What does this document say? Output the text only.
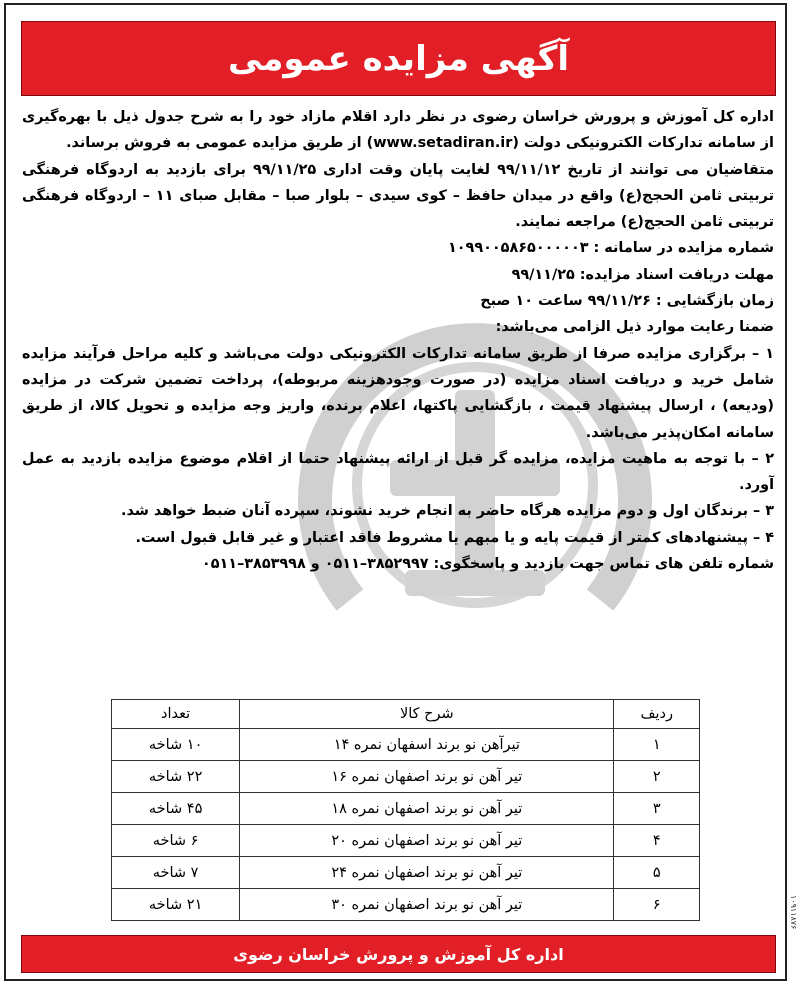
آگهی مزایده عمومی

اداره کل آموزش و پرورش خراسان رضوی در نظر دارد اقلام مازاد خود را به شرح جدول ذیل با بهره‌گیری از سامانه تدارکات الکترونیکی دولت (www.setadiran.ir) از طریق مزایده عمومی به فروش برساند.

متقاضیان می توانند از تاریخ ۹۹/۱۱/۱۲ لغایت پایان وقت اداری ۹۹/۱۱/۲۵ برای بازدید به اردوگاه فرهنگی تربیتی ثامن الحجج(ع) واقع در میدان حافظ – کوی سیدی – بلوار صبا – مقابل صبای ۱۱ – اردوگاه فرهنگی تربیتی ثامن الحجج(ع) مراجعه نمایند.

شماره مزایده در سامانه : ۱۰۹۹۰۰۵۸۶۵۰۰۰۰۰۳

مهلت دریافت اسناد مزایده: ۹۹/۱۱/۲۵

زمان بازگشایی : ۹۹/۱۱/۲۶ ساعت ۱۰ صبح

ضمنا رعایت موارد ذیل الزامی می‌باشد:

۱ – برگزاری مزایده صرفا از طریق سامانه تدارکات الکترونیکی دولت می‌باشد و کلیه مراحل فرآیند مزایده شامل خرید و دریافت اسناد مزایده (در صورت وجودهزینه مربوطه)، پرداخت تضمین شرکت در مزایده (ودیعه) ، ارسال پیشنهاد قیمت ، بازگشایی پاکتها، اعلام برنده، واریز وجه مزایده و تحویل کالا، از طریق سامانه امکان‌پذیر می‌باشد.

۲ – با توجه به ماهیت مزایده، مزایده گر قبل از ارائه پیشنهاد حتما از اقلام موضوع مزایده بازدید به عمل آورد.

۳ – برندگان اول و دوم مزایده هرگاه حاضر به انجام خرید نشوند، سپرده آنان ضبط خواهد شد.

۴ – پیشنهادهای کمتر از قیمت پایه و یا مبهم یا مشروط فاقد اعتبار و غیر قابل قبول است.

شماره تلفن های تماس جهت بازدید و پاسخگوی: ۳۸۵۲۹۹۷–۰۵۱۱ و ۳۸۵۳۹۹۸–۰۵۱۱

ردیف	شرح کالا	تعداد
۱	تیرآهن نو برند اسفهان نمره ۱۴	۱۰ شاخه
۲	تیر آهن نو برند اصفهان نمره ۱۶	۲۲ شاخه
۳	تیر آهن نو برند اصفهان نمره ۱۸	۴۵ شاخه
۴	تیر آهن نو برند اصفهان نمره ۲۰	۶ شاخه
۵	تیر آهن نو برند اصفهان نمره ۲۴	۷ شاخه
۶	تیر آهن نو برند اصفهان نمره ۳۰	۲۱ شاخه
اداره کل آموزش و پرورش خراسان رضوی
۱۰۹۱۱۸۷۶
